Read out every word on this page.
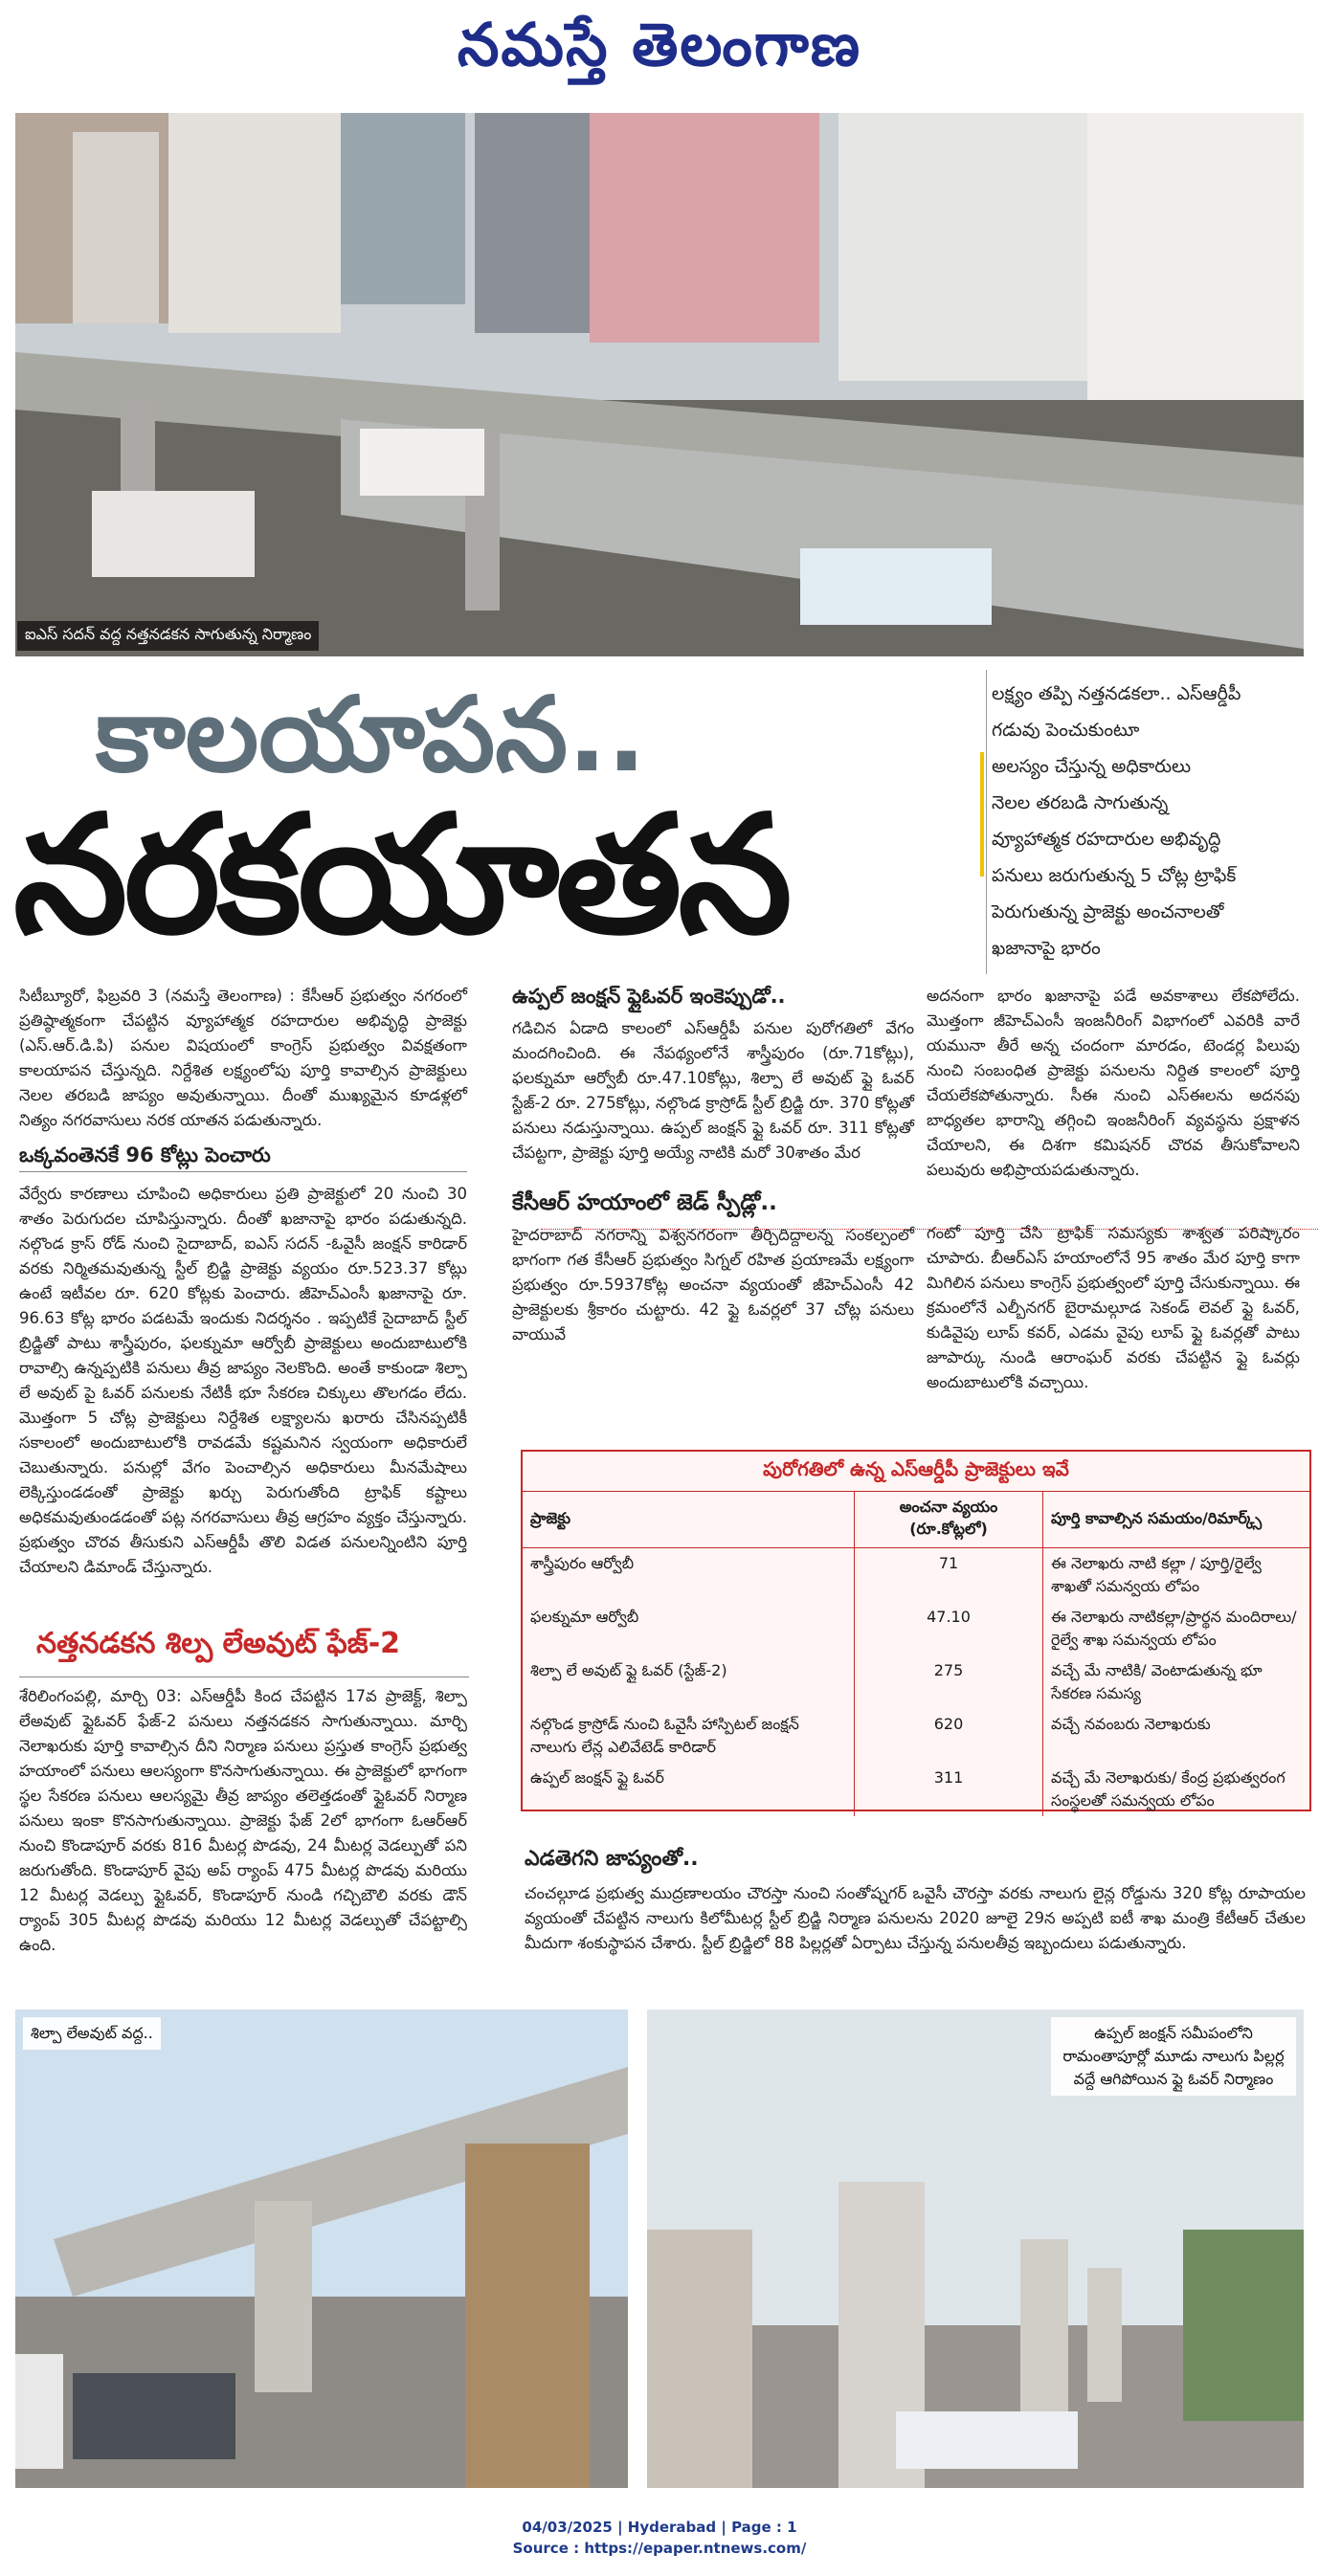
నమస్తే తెలంగాణ
ఐఎస్ సదన్ వద్ద నత్తనడకన సాగుతున్న నిర్మాణం
కాలయాపన..
నరకయాతన
లక్ష్యం తప్పి నత్తనడకలా.. ఎస్ఆర్డీపీ
గడువు పెంచుకుంటూ
అలస్యం చేస్తున్న అధికారులు
నెలల తరబడి సాగుతున్న
వ్యూహాత్మక రహదారుల అభివృద్ధి
పనులు జరుగుతున్న 5 చోట్ల ట్రాఫిక్
పెరుగుతున్న ప్రాజెక్టు అంచనాలతో
ఖజానాపై భారం
సిటీబ్యూరో, ఫిబ్రవరి 3 (నమస్తే తెలంగాణ) : కేసీఆర్ ప్రభుత్వం నగరంలో ప్రతిష్ఠాత్మకంగా చేపట్టిన వ్యూహాత్మక రహదారుల అభివృద్ధి ప్రాజెక్టు (ఎస్.ఆర్.డి.పి) పనుల విషయంలో కాంగ్రెస్ ప్రభుత్వం వివక్షతంగా కాలయాపన చేస్తున్నది. నిర్దేశిత లక్ష్యంలోపు పూర్తి కావాల్సిన ప్రాజెక్టులు నెలల తరబడి జాప్యం అవుతున్నాయి. దీంతో ముఖ్యమైన కూడళ్లలో నిత్యం నగరవాసులు నరక యాతన పడుతున్నారు.
ఒక్కవంతెనకే 96 కోట్లు పెంచారు
వేర్వేరు కారణాలు చూపించి అధికారులు ప్రతి ప్రాజెక్టులో 20 నుంచి 30 శాతం పెరుగుదల చూపిస్తున్నారు. దీంతో ఖజానాపై భారం పడుతున్నది. నల్గొండ క్రాస్ రోడ్ నుంచి సైదాబాద్, ఐఎస్ సదన్ -ఓవైసీ జంక్షన్ కారిడార్ వరకు నిర్మితమవుతున్న స్టీల్ బ్రిడ్జి ప్రాజెక్టు వ్యయం రూ.523.37 కోట్లు ఉంటే ఇటీవల రూ. 620 కోట్లకు పెంచారు. జీహెచ్ఎంసీ ఖజానాపై రూ. 96.63 కోట్ల భారం పడటమే ఇందుకు నిదర్శనం . ఇప్పటికే సైదాబాద్ స్టీల్ బ్రిడ్జితో పాటు శాస్త్రీపురం, ఫలక్నుమా ఆర్వోబీ ప్రాజెక్టులు అందుబాటులోకి రావాల్సి ఉన్నప్పటికి పనులు తీవ్ర జాప్యం నెలకొంది. అంతే కాకుండా శిల్పా లే అవుట్ పై ఓవర్ పనులకు నేటికీ భూ సేకరణ చిక్కులు తొలగడం లేదు. మొత్తంగా 5 చోట్ల ప్రాజెక్టులు నిర్దేశిత లక్ష్యాలను ఖరారు చేసినప్పటికీ సకాలంలో అందుబాటులోకి రావడమే కష్టమనిన స్వయంగా అధికారులే చెబుతున్నారు. పనుల్లో వేగం పెంచాల్సిన అధికారులు మీనమేషాలు లెక్కిస్తుండడంతో ప్రాజెక్టు ఖర్చు పెరుగుతోంది ట్రాఫిక్ కష్టాలు అధికమవుతుండడంతో పట్ల నగరవాసులు తీవ్ర ఆగ్రహం వ్యక్తం చేస్తున్నారు. ప్రభుత్వం చొరవ తీసుకుని ఎస్ఆర్డీపీ తొలి విడత పనులన్నింటిని పూర్తి చేయాలని డిమాండ్ చేస్తున్నారు.
నత్తనడకన శిల్ప లేఅవుట్ ఫేజ్-2
శేరిలింగంపల్లి, మార్చి 03: ఎస్ఆర్డీపీ కింద చేపట్టిన 17వ ప్రాజెక్ట్, శిల్పా లేఅవుట్ ఫ్లైఓవర్ ఫేజ్-2 పనులు నత్తనడకన సాగుతున్నాయి. మార్చి నెలాఖరుకు పూర్తి కావాల్సిన దీని నిర్మాణ పనులు ప్రస్తుత కాంగ్రెస్ ప్రభుత్వ హయాంలో పనులు ఆలస్యంగా కొనసాగుతున్నాయి. ఈ ప్రాజెక్టులో భాగంగా స్థల సేకరణ పనులు ఆలస్యమై తీవ్ర జాప్యం తలెత్తడంతో ఫ్లైఓవర్ నిర్మాణ పనులు ఇంకా కొనసాగుతున్నాయి. ప్రాజెక్టు ఫేజ్ 2లో భాగంగా ఓఆర్ఆర్ నుంచి కొండాపూర్ వరకు 816 మీటర్ల పొడవు, 24 మీటర్ల వెడల్పుతో పని జరుగుతోంది. కొండాపూర్ వైపు అప్ ర్యాంప్ 475 మీటర్ల పొడవు మరియు 12 మీటర్ల వెడల్పు ఫ్లైఓవర్, కొండాపూర్ నుండి గచ్చిబౌలి వరకు డౌన్ ర్యాంప్ 305 మీటర్ల పొడవు మరియు 12 మీటర్ల వెడల్పుతో చేపట్టాల్సి ఉంది.
ఉప్పల్ జంక్షన్ ఫ్లైఓవర్ ఇంకెప్పుడో..
గడిచిన ఏడాది కాలంలో ఎస్ఆర్డీపీ పనుల పురోగతిలో వేగం మందగించింది. ఈ నేపథ్యంలోనే శాస్త్రీపురం (రూ.71కోట్లు), ఫలక్నుమా ఆర్వోబీ రూ.47.10కోట్లు, శిల్పా లే అవుట్ ఫ్లై ఓవర్ స్టేజ్-2 రూ. 275కోట్లు, నల్గొండ క్రాస్రోడ్ స్టీల్ బ్రిడ్జి రూ. 370 కోట్లతో పనులు నడుస్తున్నాయి. ఉప్పల్ జంక్షన్ ఫ్లై ఓవర్ రూ. 311 కోట్లతో చేపట్టగా, ప్రాజెక్టు పూర్తి అయ్యే నాటికి మరో 30శాతం మేర
కేసీఆర్ హయాంలో జెడ్ స్పీడ్లో..
హైదరాబాద్ నగరాన్ని విశ్వనగరంగా తీర్చిదిద్దాలన్న సంకల్పంలో భాగంగా గత కేసీఆర్ ప్రభుత్వం సిగ్నల్ రహిత ప్రయాణమే లక్ష్యంగా ప్రభుత్వం రూ.5937కోట్ల అంచనా వ్యయంతో జీహెచ్ఎంసీ 42 ప్రాజెక్టులకు శ్రీకారం చుట్టారు. 42 ఫ్లై ఓవర్లలో 37 చోట్ల పనులు వాయువే
అదనంగా భారం ఖజానాపై పడే అవకాశాలు లేకపోలేదు. మొత్తంగా జీహెచ్ఎంసీ ఇంజనీరింగ్ విభాగంలో ఎవరికి వారే యమునా తీరే అన్న చందంగా మారడం, టెండర్ల పిలుపు నుంచి సంబంధిత ప్రాజెక్టు పనులను నిర్దిత కాలంలో పూర్తి చేయలేకపోతున్నారు. సీఈ నుంచి ఎస్ఈలను అదనపు బాధ్యతల భారాన్ని తగ్గించి ఇంజనీరింగ్ వ్యవస్థను ప్రక్షాళన చేయాలని, ఈ దిశగా కమిషనర్ చొరవ తీసుకోవాలని పలువురు అభిప్రాయపడుతున్నారు.
గంటో పూర్తి చేసి ట్రాఫిక్ సమస్యకు శాశ్వత పరిష్కారం చూపారు. బీఆర్ఎస్ హయాంలోనే 95 శాతం మేర పూర్తి కాగా మిగిలిన పనులు కాంగ్రెస్ ప్రభుత్వంలో పూర్తి చేసుకున్నాయి. ఈ క్రమంలోనే ఎల్బీనగర్ బైరామల్గూడ సెకండ్ లెవల్ ఫ్లై ఓవర్, కుడివైపు లూప్ కవర్, ఎడమ వైపు లూప్ ఫ్లై ఓవర్లతో పాటు జూపార్కు నుండి ఆరాంఘర్ వరకు చేపట్టిన ఫ్లై ఓవర్లు అందుబాటులోకి వచ్చాయి.
పురోగతిలో ఉన్న ఎస్ఆర్డీపీ ప్రాజెక్టులు ఇవే
ప్రాజెక్టు	అంచనా వ్యయం (రూ.కోట్లలో)	పూర్తి కావాల్సిన సమయం/రిమార్క్స్
శాస్త్రీపురం ఆర్వోబీ	71	ఈ నెలాఖరు నాటి కల్లా / పూర్తి/రైల్వే శాఖతో సమన్వయ లోపం
ఫలక్నుమా ఆర్వోబీ	47.10	ఈ నెలాఖరు నాటికల్లా/ప్రార్థన మందిరాలు/ రైల్వే శాఖ సమన్వయ లోపం
శిల్పా లే అవుట్ ఫ్లై ఓవర్ (స్టేజ్-2)	275	వచ్చే మే నాటికి/ వెంటాడుతున్న భూ సేకరణ సమస్య
నల్గొండ క్రాస్రోడ్ నుంచి ఓవైసీ హాస్పిటల్ జంక్షన్ నాలుగు లేన్ల ఎలివేటెడ్ కారిడార్	620	వచ్చే నవంబరు నెలాఖరుకు
ఉప్పల్ జంక్షన్ ఫ్లై ఓవర్	311	వచ్చే మే నెలాఖరుకు/ కేంద్ర ప్రభుత్వరంగ సంస్థలతో సమన్వయ లోపం
ఎడతెగని జాప్యంతో..
చంచల్గూడ ప్రభుత్వ ముద్రణాలయం చౌరస్తా నుంచి సంతోష్నగర్ ఒవైసీ చౌరస్తా వరకు నాలుగు లైన్ల రోడ్డును 320 కోట్ల రూపాయల వ్యయంతో చేపట్టిన నాలుగు కిలోమీటర్ల స్టీల్ బ్రిడ్జి నిర్మాణ పనులను 2020 జూలై 29న అప్పటి ఐటీ శాఖ మంత్రి కేటీఆర్ చేతుల మీదుగా శంకుస్థాపన చేశారు. స్టీల్ బ్రిడ్జిలో 88 పిల్లర్లతో ఏర్పాటు చేస్తున్న పనులతీవ్ర ఇబ్బందులు పడుతున్నారు.
శిల్పా లేఅవుట్ వద్ద..	ఉప్పల్ జంక్షన్ సమీపంలోని రామంతాపూర్లో మూడు నాలుగు పిల్లర్ల వద్దే ఆగిపోయిన ఫ్లై ఓవర్ నిర్మాణం
04/03/2025 | Hyderabad | Page : 1
Source : https://epaper.ntnews.com/
